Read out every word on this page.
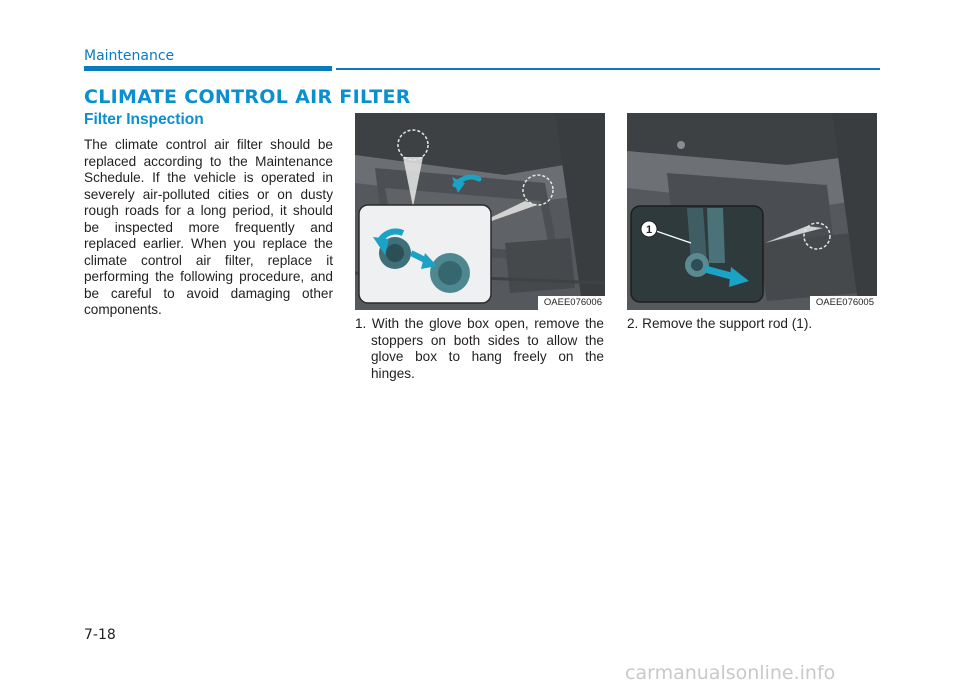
Maintenance
CLIMATE CONTROL AIR FILTER
Filter Inspection

The climate control air filter should be replaced according to the Maintenance Schedule. If the vehicle is operated in severely air-polluted cities or on dusty rough roads for a long period, it should be inspected more frequently and replaced earlier. When you replace the climate control air filter, replace it performing the following procedure, and be careful to avoid damaging other components.	OAEE076006
1
OAEE076005
1. With the glove box open, remove the stoppers on both sides to allow the glove box to hang freely on the hinges.

2. Remove the support rod (1).

7-18
carmanualsonline.info
